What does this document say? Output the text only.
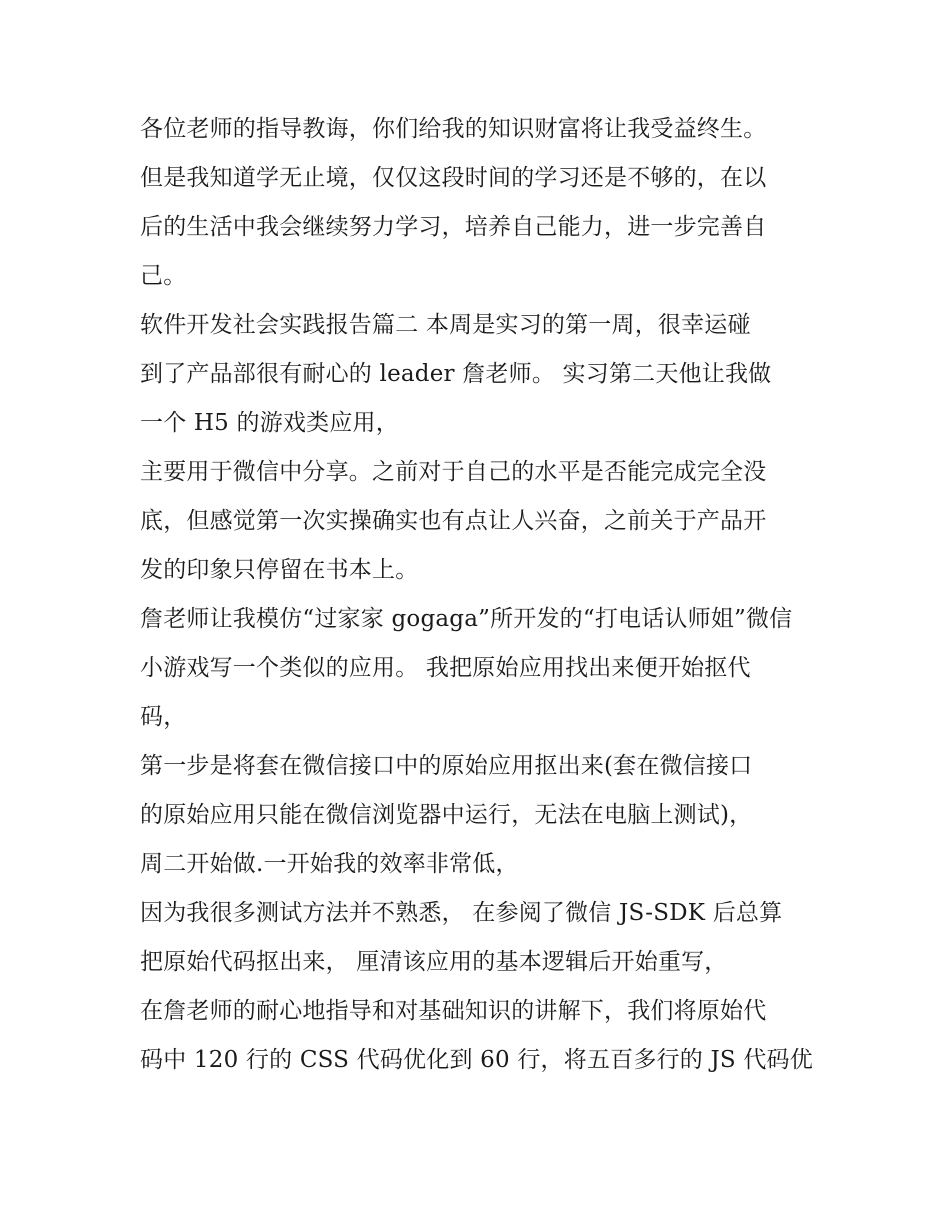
各位老师的指导教诲，你们给我的知识财富将让我受益终生。
但是我知道学无止境，仅仅这段时间的学习还是不够的，在以
后的生活中我会继续努力学习，培养自己能力，进一步完善自
己。
软件开发社会实践报告篇二 本周是实习的第一周，很幸运碰
到了产品部很有耐心的 leader 詹老师。 实习第二天他让我做
一个 H5 的游戏类应用，
主要用于微信中分享。之前对于自己的水平是否能完成完全没
底，但感觉第一次实操确实也有点让人兴奋，之前关于产品开
发的印象只停留在书本上。
詹老师让我模仿“过家家 gogaga”所开发的“打电话认师姐”微信
小游戏写一个类似的应用。 我把原始应用找出来便开始抠代
码，
第一步是将套在微信接口中的原始应用抠出来(套在微信接口
的原始应用只能在微信浏览器中运行，无法在电脑上测试)，
周二开始做.一开始我的效率非常低，
因为我很多测试方法并不熟悉， 在参阅了微信 JS-SDK 后总算
把原始代码抠出来， 厘清该应用的基本逻辑后开始重写，
在詹老师的耐心地指导和对基础知识的讲解下，我们将原始代
码中 120 行的 CSS 代码优化到 60 行，将五百多行的 JS 代码优
